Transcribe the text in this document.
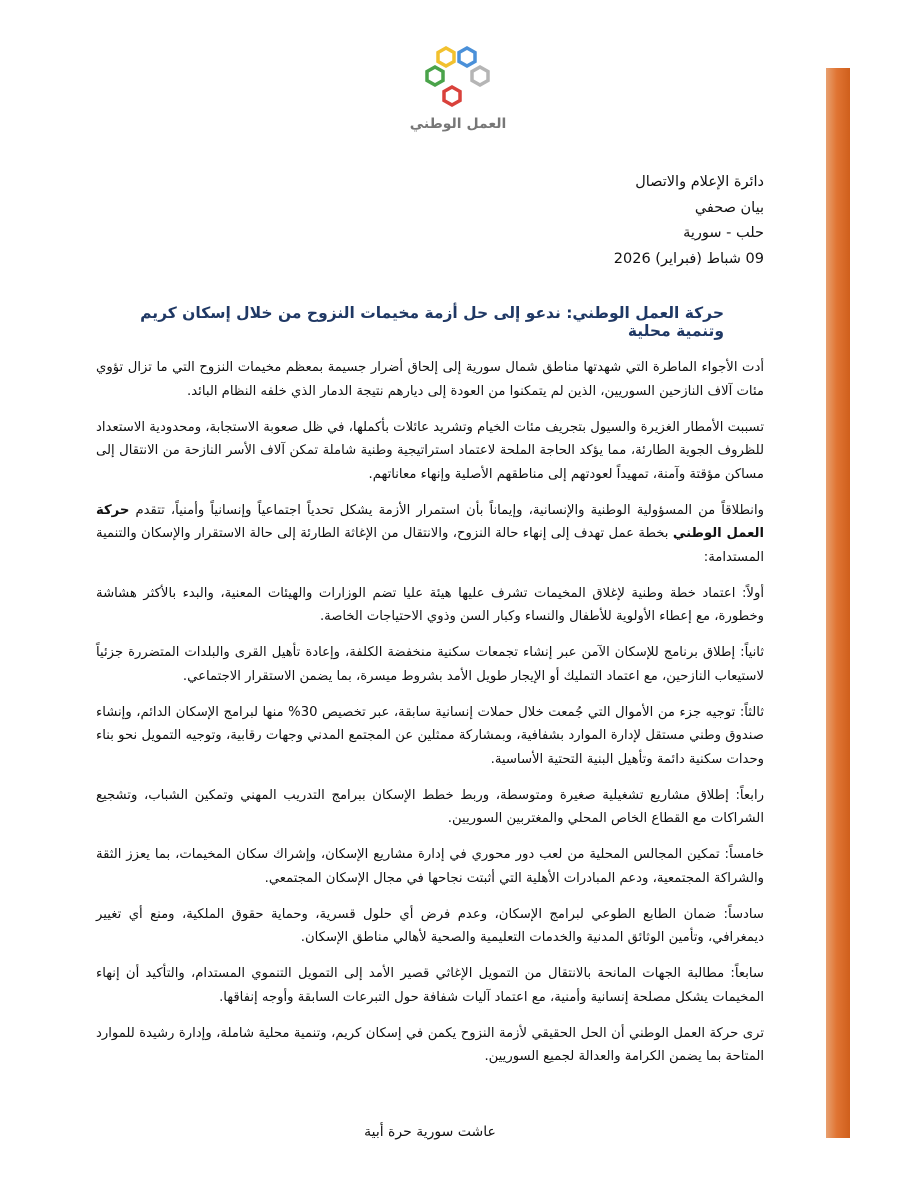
العمل الوطني
دائرة الإعلام والاتصال
بيان صحفي
حلب - سورية
09 شباط (فبراير) 2026
حركة العمل الوطني: ندعو إلى حل أزمة مخيمات النزوح من خلال إسكان كريم وتنمية محلية

أدت الأجواء الماطرة التي شهدتها مناطق شمال سورية إلى إلحاق أضرار جسيمة بمعظم مخيمات النزوح التي ما تزال تؤوي مئات آلاف النازحين السوريين، الذين لم يتمكنوا من العودة إلى ديارهم نتيجة الدمار الذي خلفه النظام البائد.

تسببت الأمطار الغزيرة والسيول بتجريف مئات الخيام وتشريد عائلات بأكملها، في ظل صعوبة الاستجابة، ومحدودية الاستعداد للظروف الجوية الطارئة، مما يؤكد الحاجة الملحة لاعتماد استراتيجية وطنية شاملة تمكن آلاف الأسر النازحة من الانتقال إلى مساكن مؤقتة وآمنة، تمهيداً لعودتهم إلى مناطقهم الأصلية وإنهاء معاناتهم.

وانطلاقاً من المسؤولية الوطنية والإنسانية، وإيماناً بأن استمرار الأزمة يشكل تحدياً اجتماعياً وإنسانياً وأمنياً، تتقدم حركة العمل الوطني بخطة عمل تهدف إلى إنهاء حالة النزوح، والانتقال من الإغاثة الطارئة إلى حالة الاستقرار والإسكان والتنمية المستدامة:

أولاً: اعتماد خطة وطنية لإغلاق المخيمات تشرف عليها هيئة عليا تضم الوزارات والهيئات المعنية، والبدء بالأكثر هشاشة وخطورة، مع إعطاء الأولوية للأطفال والنساء وكبار السن وذوي الاحتياجات الخاصة.

ثانياً: إطلاق برنامج للإسكان الآمن عبر إنشاء تجمعات سكنية منخفضة الكلفة، وإعادة تأهيل القرى والبلدات المتضررة جزئياً لاستيعاب النازحين، مع اعتماد التمليك أو الإيجار طويل الأمد بشروط ميسرة، بما يضمن الاستقرار الاجتماعي.

ثالثاً: توجيه جزء من الأموال التي جُمعت خلال حملات إنسانية سابقة، عبر تخصيص 30% منها لبرامج الإسكان الدائم، وإنشاء صندوق وطني مستقل لإدارة الموارد بشفافية، وبمشاركة ممثلين عن المجتمع المدني وجهات رقابية، وتوجيه التمويل نحو بناء وحدات سكنية دائمة وتأهيل البنية التحتية الأساسية.

رابعاً: إطلاق مشاريع تشغيلية صغيرة ومتوسطة، وربط خطط الإسكان ببرامج التدريب المهني وتمكين الشباب، وتشجيع الشراكات مع القطاع الخاص المحلي والمغتربين السوريين.

خامساً: تمكين المجالس المحلية من لعب دور محوري في إدارة مشاريع الإسكان، وإشراك سكان المخيمات، بما يعزز الثقة والشراكة المجتمعية، ودعم المبادرات الأهلية التي أثبتت نجاحها في مجال الإسكان المجتمعي.

سادساً: ضمان الطابع الطوعي لبرامج الإسكان، وعدم فرض أي حلول قسرية، وحماية حقوق الملكية، ومنع أي تغيير ديمغرافي، وتأمين الوثائق المدنية والخدمات التعليمية والصحية لأهالي مناطق الإسكان.

سابعاً: مطالبة الجهات المانحة بالانتقال من التمويل الإغاثي قصير الأمد إلى التمويل التنموي المستدام، والتأكيد أن إنهاء المخيمات يشكل مصلحة إنسانية وأمنية، مع اعتماد آليات شفافة حول التبرعات السابقة وأوجه إنفاقها.

ترى حركة العمل الوطني أن الحل الحقيقي لأزمة النزوح يكمن في إسكان كريم، وتنمية محلية شاملة، وإدارة رشيدة للموارد المتاحة بما يضمن الكرامة والعدالة لجميع السوريين.

عاشت سورية حرة أبية
